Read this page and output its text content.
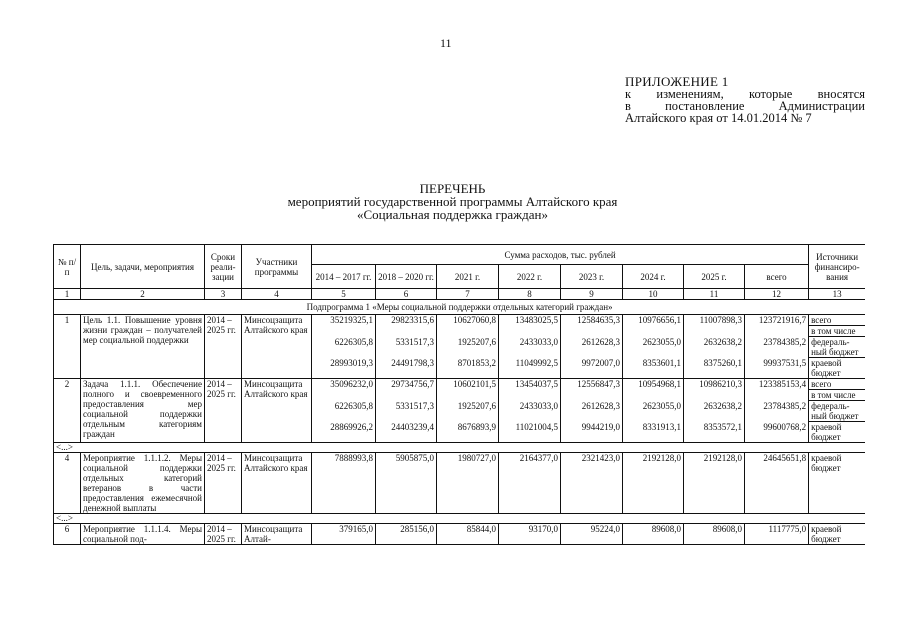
11
ПРИЛОЖЕНИЕ 1
к изменениям, которые вносятся
в постановление Администрации
Алтайского края от 14.01.2014 № 7
ПЕРЕЧЕНЬ
мероприятий государственной программы Алтайского края
«Социальная поддержка граждан»
№ п/п	Цель, задачи, мероприятия	Сроки реали-зации	Участники программы	Сумма расходов, тыс. рублей								Источники финансиро-вания
				2014 – 2017 гг.	2018 – 2020 гг.	2021 г.	2022 г.	2023 г.	2024 г.	2025 г.	всего	
1	2	3	4	5	6	7	8	9	10	11	12	13
Подпрограмма 1 «Меры социальной поддержки отдельных категорий граждан»												
1	Цель 1.1. Повышение уровня жизни граждан – получателей мер социальной поддержки	2014 – 2025 гг.	Минсоцзащита Алтайского края	35219325,1	29823315,6	10627060,8	13483025,5	12584635,3	10976656,1	11007898,3	123721916,7	всего
												в том числе
				6226305,8	5331517,3	1925207,6	2433033,0	2612628,3	2623055,0	2632638,2	23784385,2	федераль-ный бюджет
				28993019,3	24491798,3	8701853,2	11049992,5	9972007,0	8353601,1	8375260,1	99937531,5	краевой бюджет
2	Задача 1.1.1. Обеспечение полного и своевременного предоставления мер социальной поддержки отдельным категориям граждан	2014 – 2025 гг.	Минсоцзащита Алтайского края	35096232,0	29734756,7	10602101,5	13454037,5	12556847,3	10954968,1	10986210,3	123385153,4	всего
												в том числе
				6226305,8	5331517,3	1925207,6	2433033,0	2612628,3	2623055,0	2632638,2	23784385,2	федераль-ный бюджет
				28869926,2	24403239,4	8676893,9	11021004,5	9944219,0	8331913,1	8353572,1	99600768,2	краевой бюджет
<...>												
4	Мероприятие 1.1.1.2. Меры социальной поддержки отдельных категорий ветеранов в части предоставления ежемесячной денежной выплаты	2014 – 2025 гг.	Минсоцзащита Алтайского края	7888993,8	5905875,0	1980727,0	2164377,0	2321423,0	2192128,0	2192128,0	24645651,8	краевой бюджет
<...>												
6	Мероприятие 1.1.1.4. Меры социальной под-	2014 – 2025 гг.	Минсоцзащита Алтай-	379165,0	285156,0	85844,0	93170,0	95224,0	89608,0	89608,0	1117775,0	краевой бюджет
